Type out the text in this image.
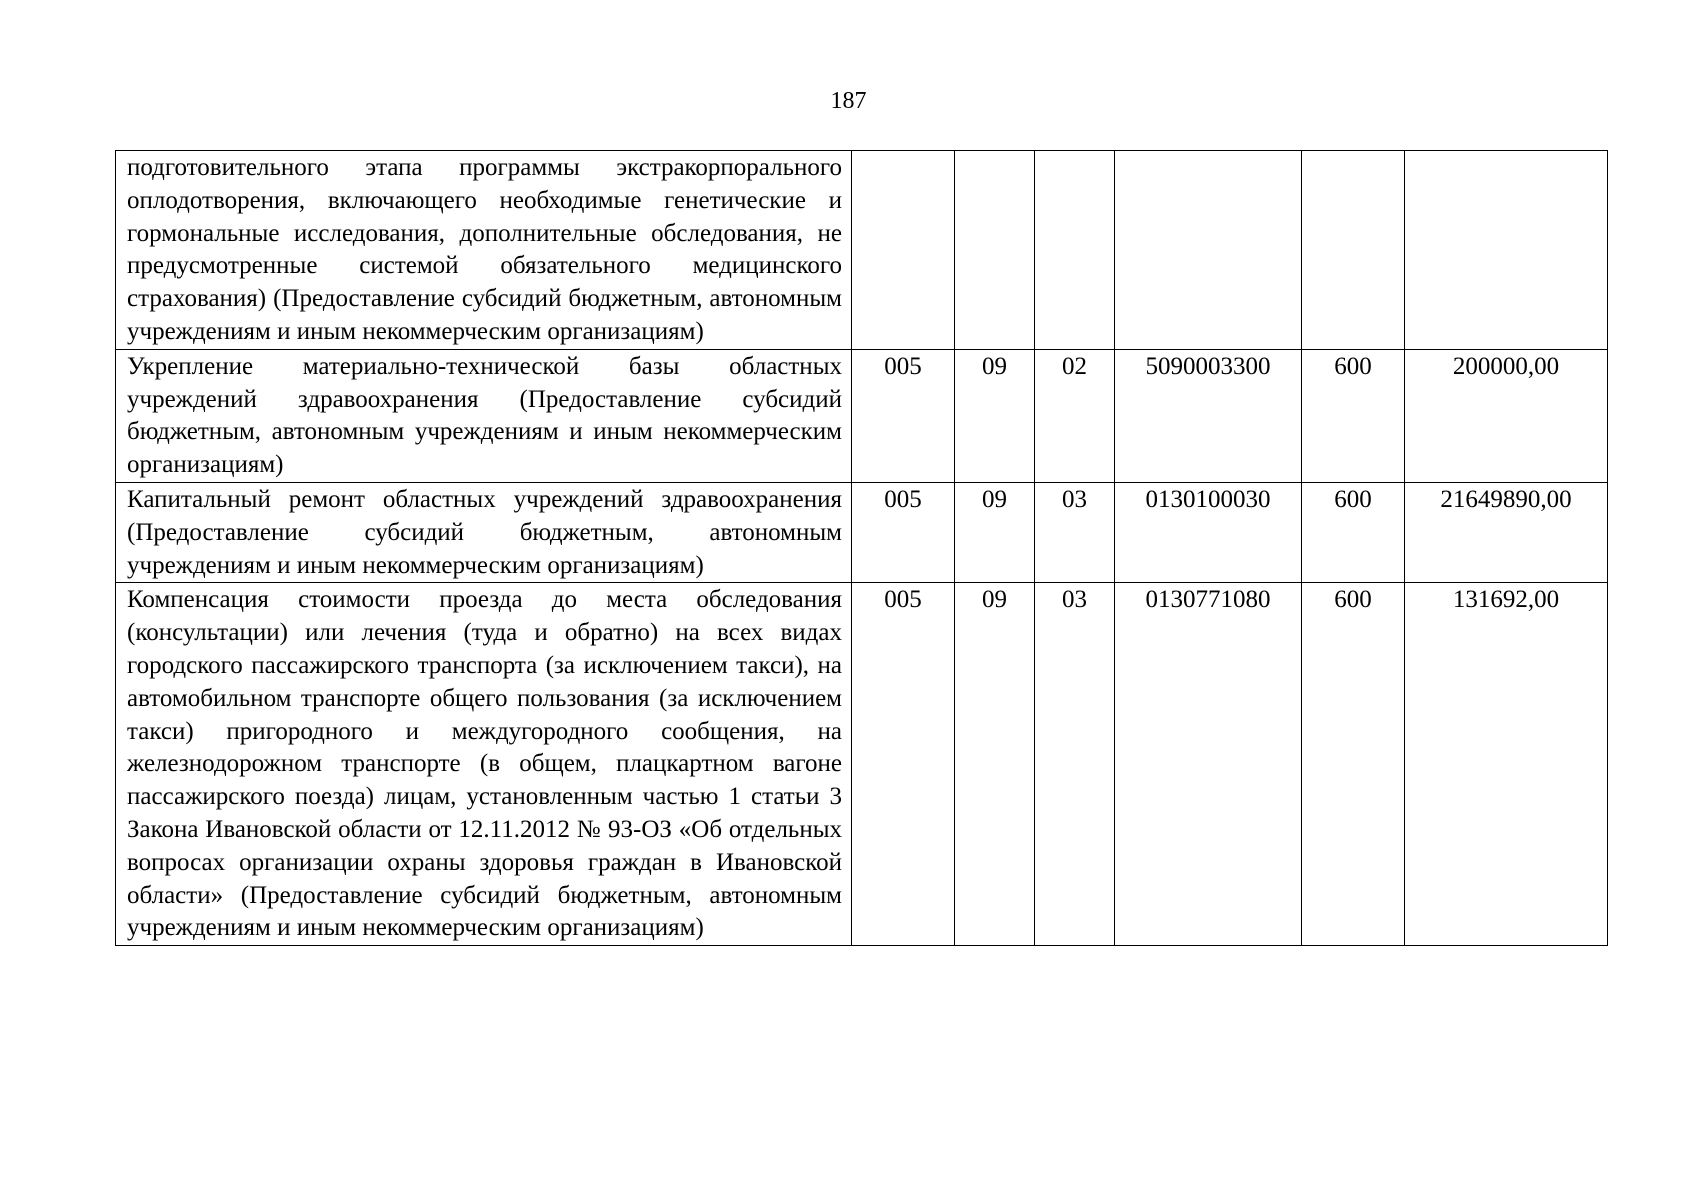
187
подготовительного этапа программы экстракорпорального оплодотворения, включающего необходимые генетические и гормональные исследования, дополнительные обследования, не предусмотренные системой обязательного медицинского страхования) (Предоставление субсидий бюджетным, автономным учреждениям и иным некоммерческим организациям)						

Укрепление материально-технической базы областных учреждений здравоохранения (Предоставление субсидий бюджетным, автономным учреждениям и иным некоммерческим организациям)	005	09	02	5090003300	600	200000,00

Капитальный ремонт областных учреждений здравоохранения (Предоставление субсидий бюджетным, автономным учреждениям и иным некоммерческим организациям)	005	09	03	0130100030	600	21649890,00

Компенсация стоимости проезда до места обследования (консультации) или лечения (туда и обратно) на всех видах городского пассажирского транспорта (за исключением такси), на автомобильном транспорте общего пользования (за исключением такси) пригородного и междугородного сообщения, на железнодорожном транспорте (в общем, плацкартном вагоне пассажирского поезда) лицам, установленным частью 1 статьи 3 Закона Ивановской области от 12.11.2012 № 93-ОЗ «Об отдельных вопросах организации охраны здоровья граждан в Ивановской области» (Предоставление субсидий бюджетным, автономным учреждениям и иным некоммерческим организациям)	005	09	03	0130771080	600	131692,00
